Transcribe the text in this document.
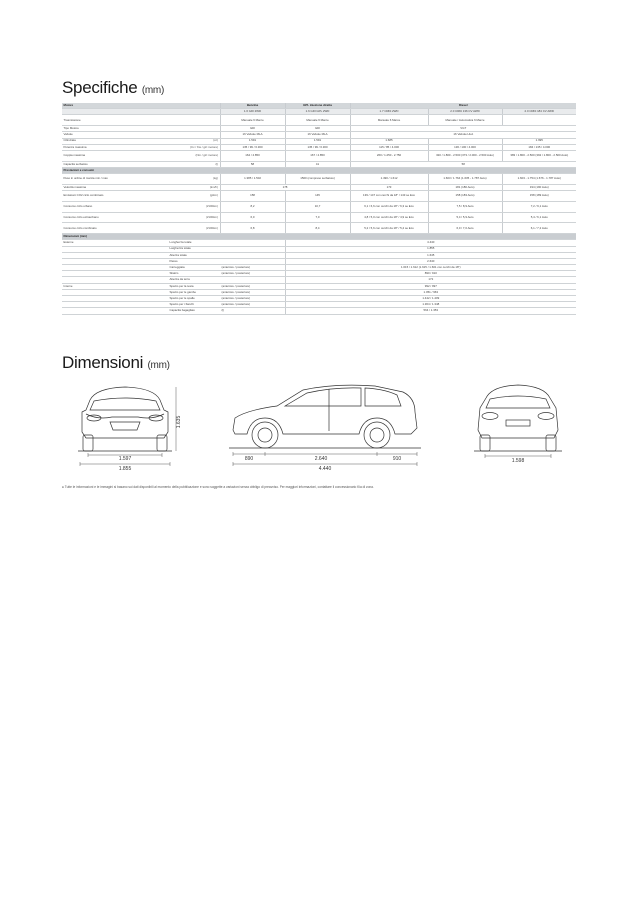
Specifiche (mm)
Motore		Benzina	GPL iniezione diretta	Diesel		
		1.6 GDI 2WD	1.6 GDI GPL 2WD	1.7 CRDi 2WD	2.0 CRDi 136 CV AWD	2.0 CRDi 184 CV AWD
Trasmissione		Manuale 6 Marce	Manuale 6 Marce	Manuale 6 Marce	Manuale / Automatica 6 Marce	
Tipo Motore		GDI	GDI	VGT		
Valvole		16 Valvole MLA	16 Valvole MLA	16 Valvole HLA		
Cilindrata	(cc)	1.591	1.591	1.685		1.995
Potenza massima	(Cv / Kw / giri motore)	135 / 99 / 6.300	135 / 99 / 6.300	115 / 85 / 4.000	136 / 100 / 4.000	184 / 135 / 4.000
Coppia massima	(Nm / giri motore)	164 / 4.850	167 / 4.850	260 / 1.250 - 2.750	320 / 1.800 - 2.500 (373 / 2.000 - 2.500 Auto)	383 / 1.800 - 2.500 (392 / 1.800 - 2.500 Auto)
Capacità serbatoio	(l)	58	41	58		
Prestazioni e consumi						
Peso in ordine di marcia min / max	(kg)	1.385 / 1.502	1500 (compreso serbatoio)	1.490 / 1.612	1.603 / 1.764 (1.635 - 1.787 Auto)	1.603 - 1.754 (1.676 - 1.787 Auto)
Velocità massima	(km/h)	178		173	181 (180 Auto)	194 (190 Auto)
Emissioni CO2 ciclo combinato	(g/km)	158	145	139 / 147 con cerchi da 18" / 143 se Eco	158 (183 Auto)	158 (189 Auto)
Consumo ciclo urbano	(l/100km)	8,2	10,7	6,1 / 6,6 con cerchi da 18" / 6,3 se Eco	7,5 / 8,9 Auto	7,2 / 9,1 Auto
Consumo ciclo extraurbano	(l/100km)	6,0	7,0	4,8 / 5,0 con cerchi da 18" / 4,9 se Eco	5,4 / 5,9 Auto	5,4 / 6,1 Auto
Consumo ciclo combinato	(l/100km)	6,8	8,4	5,2 / 5,6 con cerchi da 18" / 5,4 se Eco	6,0 / 7,0 Auto	6,1 / 7,2 Auto
Dimensioni (mm)						
Esterne	Lunghezza totale		4.440			
	Larghezza totale		1.855			
	Altezza totale		1.645			
	Passo		2.640			
	Carreggiata	(anteriore / posteriore)	1.615 / 1.612 (1.615 / 1.601 con cerchi da 18")			
	Sbalzo	(anteriore / posteriore)	890 / 910			
	Altezza da terra		172			
Interne	Spazio per la testa	(anteriore / posteriore)	992 / 997			
	Spazio per le gambe	(anteriore / posteriore)	1.051 / 963			
	Spazio per le spalle	(anteriore / posteriore)	1.442 / 1.409			
	Spazio per i fianchi	(anteriore / posteriore)	1.364 / 1.348			
	Capacità bagagliaio	(l)	564 / 1.353			
Dimensioni (mm)
1.597
1.855
1.635
890	2.640	910
4.440
1.598
● Tutte le informazioni e le immagini si basano sui dati disponibili al momento della pubblicazione e sono soggette a variazioni senza obbligo di preavviso. Per maggiori informazioni, contattare il concessionario Kia di zona.
